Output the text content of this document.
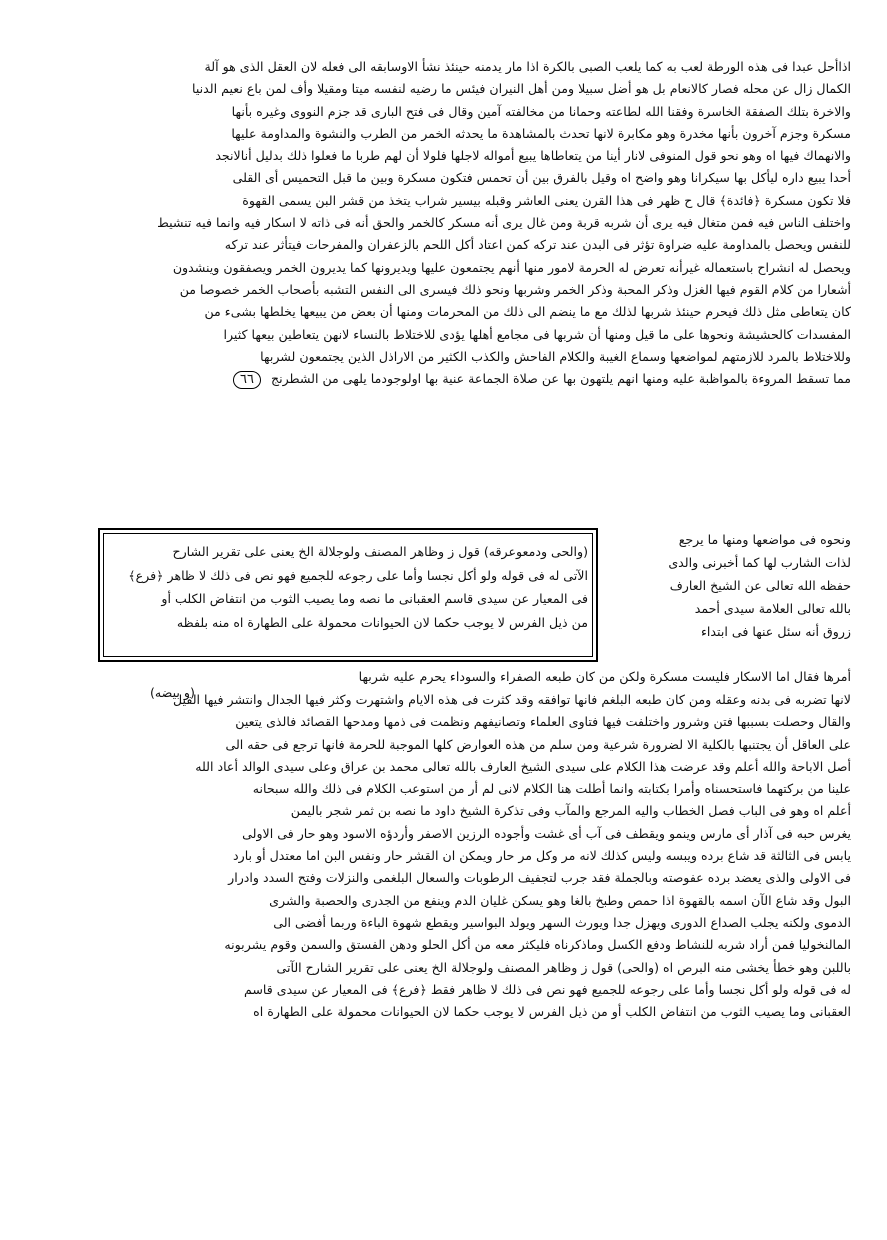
اذاأحل عبدا فى هذه الورطة لعب به كما يلعب الصبى بالكرة اذا مار يدمنه حينئذ نشأ الاوسابقه الى فعله لان العقل الذى هو آلة
الكمال زال عن محله فصار كالانعام بل هو أضل سبيلا ومن أهل النيران فيئس ما رضيه لنفسه ميتا ومقيلا وأف لمن باع نعيم الدنيا
والاخرة بتلك الصفقة الخاسرة وفقنا الله لطاعته وحمانا من مخالفته آمين وقال فى فتح البارى قد جزم النووى وغيره بأنها
مسكرة وجزم آخرون بأنها مخدرة وهو مكابرة لانها تحدث بالمشاهدة ما يحدثه الخمر من الطرب والنشوة والمداومة عليها
والانهماك فيها اه وهو نحو قول المنوفى لانار أينا من يتعاطاها يبيع أمواله لاجلها فلولا أن لهم طربا ما فعلوا ذلك بدليل أنالانجد
أحدا يبيع داره ليأكل بها سيكرانا وهو واضح اه وقيل بالفرق بين أن تحمس فتكون مسكرة وبين ما قبل التحميس أى القلى
فلا تكون مسكرة ﴿فائدة﴾ قال ح ظهر فى هذا القرن يعنى العاشر وقبله بيسير شراب يتخذ من قشر البن يسمى القهوة
واختلف الناس فيه فمن متغال فيه يرى أن شربه قربة ومن غال يرى أنه مسكر كالخمر والحق أنه فى ذاته لا اسكار فيه وانما فيه تنشيط
للنفس ويحصل بالمداومة عليه ضراوة تؤثر فى البدن عند تركه كمن اعتاد أكل اللحم بالزعفران والمفرحات فيتأثر عند تركه
ويحصل له انشراح باستعماله غيرأنه تعرض له الحرمة لامور منها أنهم يجتمعون عليها ويديرونها كما يديرون الخمر ويصفقون وينشدون
أشعارا من كلام القوم فيها الغزل وذكر المحبة وذكر الخمر وشربها ونحو ذلك فيسرى الى النفس التشبه بأصحاب الخمر خصوصا من
كان يتعاطى مثل ذلك فيحرم حينئذ شربها لذلك مع ما ينضم الى ذلك من المحرمات ومنها أن بعض من يبيعها يخلطها بشىء من
المفسدات كالحشيشة ونحوها على ما قيل ومنها أن شربها فى مجامع أهلها يؤدى للاختلاط بالنساء لانهن يتعاطين بيعها كثيرا
وللاختلاط بالمرد للازمتهم لمواضعها وسماع الغيبة والكلام الفاحش والكذب الكثير من الاراذل الذين يجتمعون لشربها
مما تسقط المروءة بالمواظبة عليه ومنها انهم يلتهون بها عن صلاة الجماعة عنية بها اولوجودما يلهى من الشطرنج ٦٦
ونحوه فى مواضعها ومنها ما يرجع
لذات الشارب لها كما أخبرنى والدى
حفظه الله تعالى عن الشيخ العارف
بالله تعالى العلامة سيدى أحمد
زروق أنه سئل عنها فى ابتداء
(والحى ودمعوعرقه) قول ز وظاهر المصنف ولوجلالة الخ يعنى على تقرير الشارح
الآتى له فى قوله ولو أكل نجسا وأما على رجوعه للجميع فهو نص فى ذلك لا ظاهر ﴿فرع﴾
فى المعيار عن سيدى قاسم العقبانى ما نصه وما يصيب الثوب من انتفاض الكلب أو
من ذيل الفرس لا يوجب حكما لان الحيوانات محمولة على الطهارة اه منه بلفظه
أمرها فقال اما الاسكار فليست مسكرة ولكن من كان طبعه الصفراء والسوداء يحرم عليه شربها
(و بيضه)
لانها تضربه فى بدنه وعقله ومن كان طبعه البلغم فانها توافقه وقد كثرت فى هذه الايام واشتهرت وكثر فيها الجدال وانتشر فيها القيل
والقال وحصلت بسببها فتن وشرور واختلفت فيها فتاوى العلماء وتصانيفهم ونظمت فى ذمها ومدحها القصائد فالذى يتعين
على العاقل أن يجتنبها بالكلية الا لضرورة شرعية ومن سلم من هذه العوارض كلها الموجبة للحرمة فانها ترجع فى حقه الى
أصل الاباحة والله أعلم وقد عرضت هذا الكلام على سيدى الشيخ العارف بالله تعالى محمد بن عراق وعلى سيدى الوالد أعاد الله
علينا من بركتهما فاستحسناه وأمرا بكتابته وانما أطلت هنا الكلام لانى لم أر من استوعب الكلام فى ذلك والله سبحانه
أعلم اه وهو فى الباب فصل الخطاب واليه المرجع والمآب وفى تذكرة الشيخ داود ما نصه بن ثمر شجر باليمن
يغرس حبه فى آذار أى مارس وينمو ويقطف فى آب أى غشت وأجوده الرزين الاصفر وأردؤه الاسود وهو حار فى الاولى
يابس فى الثالثة قد شاع برده ويبسه وليس كذلك لانه مر وكل مر حار ويمكن ان القشر حار ونفس البن اما معتدل أو بارد
فى الاولى والذى يعضد برده عفوصته وبالجملة فقد جرب لتجفيف الرطوبات والسعال البلغمى والنزلات وفتح السدد وادرار
البول وقد شاع الآن اسمه بالقهوة اذا حمص وطبخ بالغا وهو يسكن غليان الدم وينفع من الجدرى والحصبة والشرى
الدموى ولكنه يجلب الصداع الدورى ويهزل جدا ويورث السهر ويولد البواسير ويقطع شهوة الباءة وربما أفضى الى
المالنخوليا فمن أراد شربه للنشاط ودفع الكسل وماذكرناه فليكثر معه من أكل الحلو ودهن الفستق والسمن وقوم يشربونه
باللبن وهو خطأ يخشى منه البرص اه (والحى) قول ز وظاهر المصنف ولوجلالة الخ يعنى على تقرير الشارح الآتى
له فى قوله ولو أكل نجسا وأما على رجوعه للجميع فهو نص فى ذلك لا ظاهر فقط ﴿فرع﴾ فى المعيار عن سيدى قاسم
العقبانى وما يصيب الثوب من انتفاض الكلب أو من ذيل الفرس لا يوجب حكما لان الحيوانات محمولة على الطهارة اه
